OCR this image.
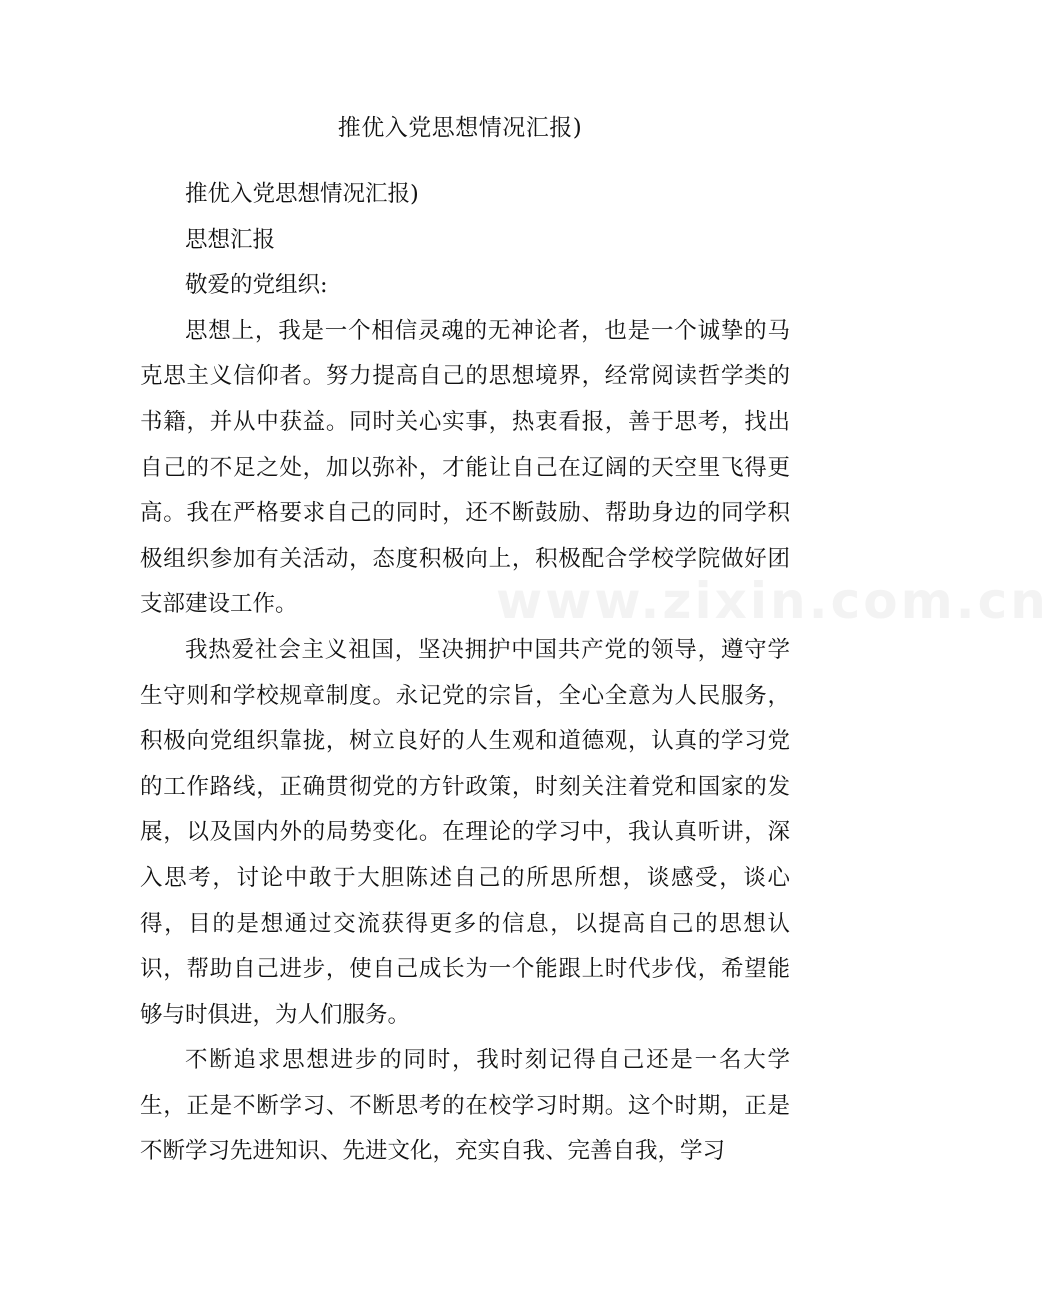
推优入党思想情况汇报)

推优入党思想情况汇报)

思想汇报

敬爱的党组织:

思想上，我是一个相信灵魂的无神论者，也是一个诚挚的马克思主义信仰者。努力提高自己的思想境界，经常阅读哲学类的书籍，并从中获益。同时关心实事，热衷看报，善于思考，找出自己的不足之处，加以弥补，才能让自己在辽阔的天空里飞得更高。我在严格要求自己的同时，还不断鼓励、帮助身边的同学积极组织参加有关活动，态度积极向上，积极配合学校学院做好团支部建设工作。

我热爱社会主义祖国，坚决拥护中国共产党的领导，遵守学生守则和学校规章制度。永记党的宗旨，全心全意为人民服务，积极向党组织靠拢，树立良好的人生观和道德观，认真的学习党的工作路线，正确贯彻党的方针政策，时刻关注着党和国家的发展，以及国内外的局势变化。在理论的学习中，我认真听讲，深入思考，讨论中敢于大胆陈述自己的所思所想，谈感受，谈心得，目的是想通过交流获得更多的信息，以提高自己的思想认识，帮助自己进步，使自己成长为一个能跟上时代步伐，希望能够与时俱进，为人们服务。

不断追求思想进步的同时，我时刻记得自己还是一名大学生，正是不断学习、不断思考的在校学习时期。这个时期，正是不断学习先进知识、先进文化，充实自我、完善自我，学习

www.zixin.com.cn
